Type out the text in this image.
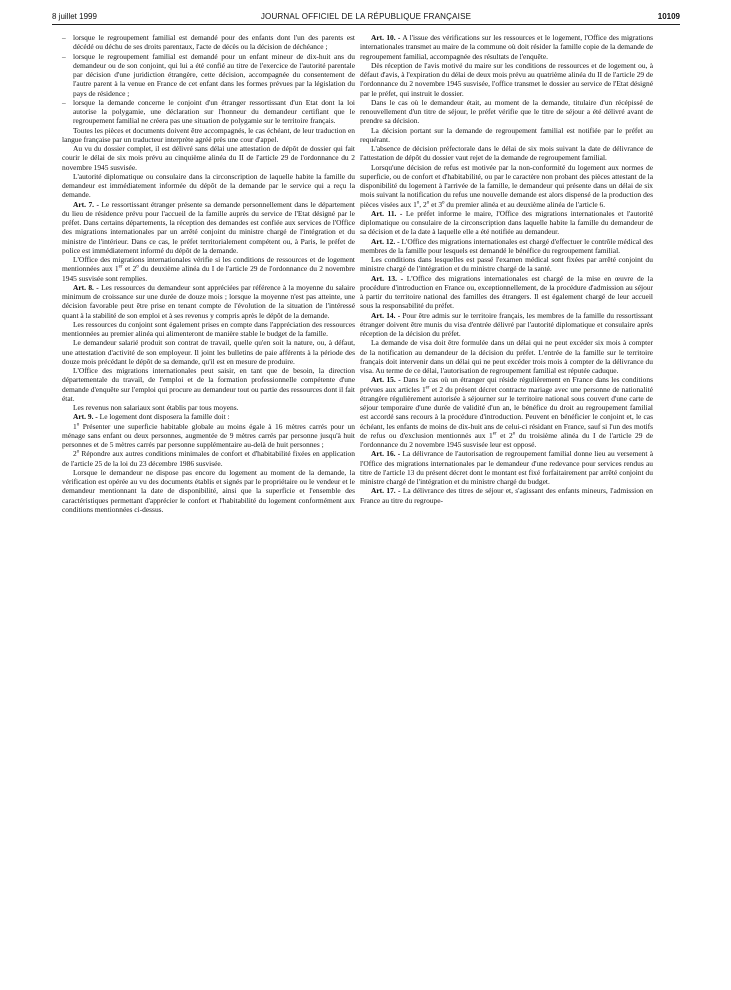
8 juillet 1999	JOURNAL OFFICIEL DE LA RÉPUBLIQUE FRANÇAISE	10109

– lorsque le regroupement familial est demandé pour des enfants dont l'un des parents est décédé ou déchu de ses droits parentaux, l'acte de décès ou la décision de déchéance ;

– lorsque le regroupement familial est demandé pour un enfant mineur de dix-huit ans du demandeur ou de son conjoint, qui lui a été confié au titre de l'exercice de l'autorité parentale par décision d'une juridiction étrangère, cette décision, accompagnée du consentement de l'autre parent à la venue en France de cet enfant dans les formes prévues par la législation du pays de résidence ;

– lorsque la demande concerne le conjoint d'un étranger ressortissant d'un Etat dont la loi autorise la polygamie, une déclaration sur l'honneur du demandeur certifiant que le regroupement familial ne créera pas une situation de polygamie sur le territoire français.

Toutes les pièces et documents doivent être accompagnés, le cas échéant, de leur traduction en langue française par un traducteur interprète agréé près une cour d'appel.

Au vu du dossier complet, il est délivré sans délai une attestation de dépôt de dossier qui fait courir le délai de six mois prévu au cinquième alinéa du II de l'article 29 de l'ordonnance du 2 novembre 1945 susvisée.

L'autorité diplomatique ou consulaire dans la circonscription de laquelle habite la famille du demandeur est immédiatement informée du dépôt de la demande par le service qui a reçu la demande.

Art. 7. - Le ressortissant étranger présente sa demande personnellement dans le département du lieu de résidence prévu pour l'accueil de la famille auprès du service de l'Etat désigné par le préfet. Dans certains départements, la réception des demandes est confiée aux services de l'Office des migrations internationales par un arrêté conjoint du ministre chargé de l'intégration et du ministre de l'intérieur. Dans ce cas, le préfet territorialement compétent ou, à Paris, le préfet de police est immédiatement informé du dépôt de la demande.

L'Office des migrations internationales vérifie si les conditions de ressources et de logement mentionnées aux 1er et 2$^o$ du deuxième alinéa du I de l'article 29 de l'ordonnance du 2 novembre 1945 susvisée sont remplies.

Art. 8. - Les ressources du demandeur sont appréciées par référence à la moyenne du salaire minimum de croissance sur une durée de douze mois ; lorsque la moyenne n'est pas atteinte, une décision favorable peut être prise en tenant compte de l'évolution de la situation de l'intéressé quant à la stabilité de son emploi et à ses revenus y compris après le dépôt de la demande.

Les ressources du conjoint sont également prises en compte dans l'appréciation des ressources mentionnées au premier alinéa qui alimenteront de manière stable le budget de la famille.

Le demandeur salarié produit son contrat de travail, quelle qu'en soit la nature, ou, à défaut, une attestation d'activité de son employeur. Il joint les bulletins de paie afférents à la période des douze mois précédant le dépôt de sa demande, qu'il est en mesure de produire.

L'Office des migrations internationales peut saisir, en tant que de besoin, la direction départementale du travail, de l'emploi et de la formation professionnelle compétente d'une demande d'enquête sur l'emploi qui procure au demandeur tout ou partie des ressources dont il fait état.

Les revenus non salariaux sont établis par tous moyens.

Art. 9. - Le logement dont disposera la famille doit :

1$^o$ Présenter une superficie habitable globale au moins égale à 16 mètres carrés pour un ménage sans enfant ou deux personnes, augmentée de 9 mètres carrés par personne jusqu'à huit personnes et de 5 mètres carrés par personne supplémentaire au-delà de huit personnes ;

2$^o$ Répondre aux autres conditions minimales de confort et d'habitabilité fixées en application de l'article 25 de la loi du 23 décembre 1986 susvisée.

Lorsque le demandeur ne dispose pas encore du logement au moment de la demande, la vérification est opérée au vu des documents établis et signés par le propriétaire ou le vendeur et le demandeur mentionnant la date de disponibilité, ainsi que la superficie et l'ensemble des caractéristiques permettant d'apprécier le confort et l'habitabilité du logement conformément aux conditions mentionnées ci-dessus.

Art. 10. - A l'issue des vérifications sur les ressources et le logement, l'Office des migrations internationales transmet au maire de la commune où doit résider la famille copie de la demande de regroupement familial, accompagnée des résultats de l'enquête.

Dès réception de l'avis motivé du maire sur les conditions de ressources et de logement ou, à défaut d'avis, à l'expiration du délai de deux mois prévu au quatrième alinéa du II de l'article 29 de l'ordonnance du 2 novembre 1945 susvisée, l'office transmet le dossier au service de l'Etat désigné par le préfet, qui instruit le dossier.

Dans le cas où le demandeur était, au moment de la demande, titulaire d'un récépissé de renouvellement d'un titre de séjour, le préfet vérifie que le titre de séjour a été délivré avant de prendre sa décision.

La décision portant sur la demande de regroupement familial est notifiée par le préfet au requérant.

L'absence de décision préfectorale dans le délai de six mois suivant la date de délivrance de l'attestation de dépôt du dossier vaut rejet de la demande de regroupement familial.

Lorsqu'une décision de refus est motivée par la non-conformité du logement aux normes de superficie, ou de confort et d'habitabilité, ou par le caractère non probant des pièces attestant de la disponibilité du logement à l'arrivée de la famille, le demandeur qui présente dans un délai de six mois suivant la notification du refus une nouvelle demande est alors dispensé de la production des pièces visées aux 1$^o$, 2$^o$ et 3$^o$ du premier alinéa et au deuxième alinéa de l'article 6.

Art. 11. - Le préfet informe le maire, l'Office des migrations internationales et l'autorité diplomatique ou consulaire de la circonscription dans laquelle habite la famille du demandeur de sa décision et de la date à laquelle elle a été notifiée au demandeur.

Art. 12. - L'Office des migrations internationales est chargé d'effectuer le contrôle médical des membres de la famille pour lesquels est demandé le bénéfice du regroupement familial.

Les conditions dans lesquelles est passé l'examen médical sont fixées par arrêté conjoint du ministre chargé de l'intégration et du ministre chargé de la santé.

Art. 13. - L'Office des migrations internationales est chargé de la mise en œuvre de la procédure d'introduction en France ou, exceptionnellement, de la procédure d'admission au séjour à partir du territoire national des familles des étrangers. Il est également chargé de leur accueil sous la responsabilité du préfet.

Art. 14. - Pour être admis sur le territoire français, les membres de la famille du ressortissant étranger doivent être munis du visa d'entrée délivré par l'autorité diplomatique et consulaire après réception de la décision du préfet.

La demande de visa doit être formulée dans un délai qui ne peut excéder six mois à compter de la notification au demandeur de la décision du préfet. L'entrée de la famille sur le territoire français doit intervenir dans un délai qui ne peut excéder trois mois à compter de la délivrance du visa. Au terme de ce délai, l'autorisation de regroupement familial est réputée caduque.

Art. 15. - Dans le cas où un étranger qui réside régulièrement en France dans les conditions prévues aux articles 1er et 2 du présent décret contracte mariage avec une personne de nationalité étrangère régulièrement autorisée à séjourner sur le territoire national sous couvert d'une carte de séjour temporaire d'une durée de validité d'un an, le bénéfice du droit au regroupement familial est accordé sans recours à la procédure d'introduction. Peuvent en bénéficier le conjoint et, le cas échéant, les enfants de moins de dix-huit ans de celui-ci résidant en France, sauf si l'un des motifs de refus ou d'exclusion mentionnés aux 1er et 2$^o$ du troisième alinéa du I de l'article 29 de l'ordonnance du 2 novembre 1945 susvisée leur est opposé.

Art. 16. - La délivrance de l'autorisation de regroupement familial donne lieu au versement à l'Office des migrations internationales par le demandeur d'une redevance pour services rendus au titre de l'article 13 du présent décret dont le montant est fixé forfaitairement par arrêté conjoint du ministre chargé de l'intégration et du ministre chargé du budget.

Art. 17. - La délivrance des titres de séjour et, s'agissant des enfants mineurs, l'admission en France au titre du regroupe-
